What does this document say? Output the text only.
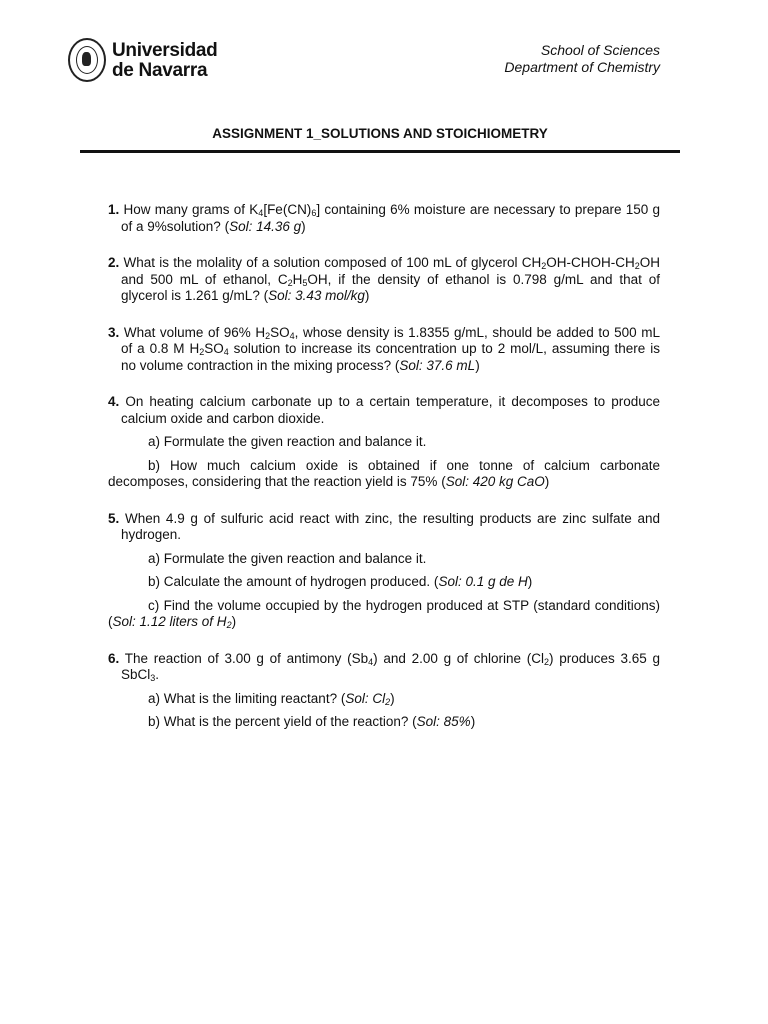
Universidad
de Navarra
School of Sciences
Department of Chemistry
ASSIGNMENT 1_SOLUTIONS AND STOICHIOMETRY
1. How many grams of $K_4[Fe(CN)_6]$ containing 6% moisture are necessary to prepare 150 g of a 9%solution? (Sol: 14.36 g)
2. What is the molality of a solution composed of 100 mL of glycerol $CH_2OH-CHOH-CH_2OH$ and 500 mL of ethanol, $C_2H_5OH$, if the density of ethanol is 0.798 g/mL and that of glycerol is 1.261 g/mL? (Sol: 3.43 mol/kg)
3. What volume of 96% $H_2SO_4$, whose density is 1.8355 g/mL, should be added to 500 mL of a 0.8 M $H_2SO_4$ solution to increase its concentration up to 2 mol/L, assuming there is no volume contraction in the mixing process? (Sol: 37.6 mL)
4. On heating calcium carbonate up to a certain temperature, it decomposes to produce calcium oxide and carbon dioxide.
a) Formulate the given reaction and balance it.
b) How much calcium oxide is obtained if one tonne of calcium carbonate decomposes, considering that the reaction yield is 75% (Sol: 420 kg CaO)
5. When 4.9 g of sulfuric acid react with zinc, the resulting products are zinc sulfate and hydrogen.
a) Formulate the given reaction and balance it.
b) Calculate the amount of hydrogen produced. (Sol: 0.1 g de H)
c) Find the volume occupied by the hydrogen produced at STP (standard conditions) (Sol: 1.12 liters of $H_2$)
6. The reaction of 3.00 g of antimony $(Sb_4)$ and 2.00 g of chlorine $(Cl_2)$ produces 3.65 g SbCl$_3$.
a) What is the limiting reactant? (Sol: $Cl_2$)
b) What is the percent yield of the reaction? (Sol: 85%)
